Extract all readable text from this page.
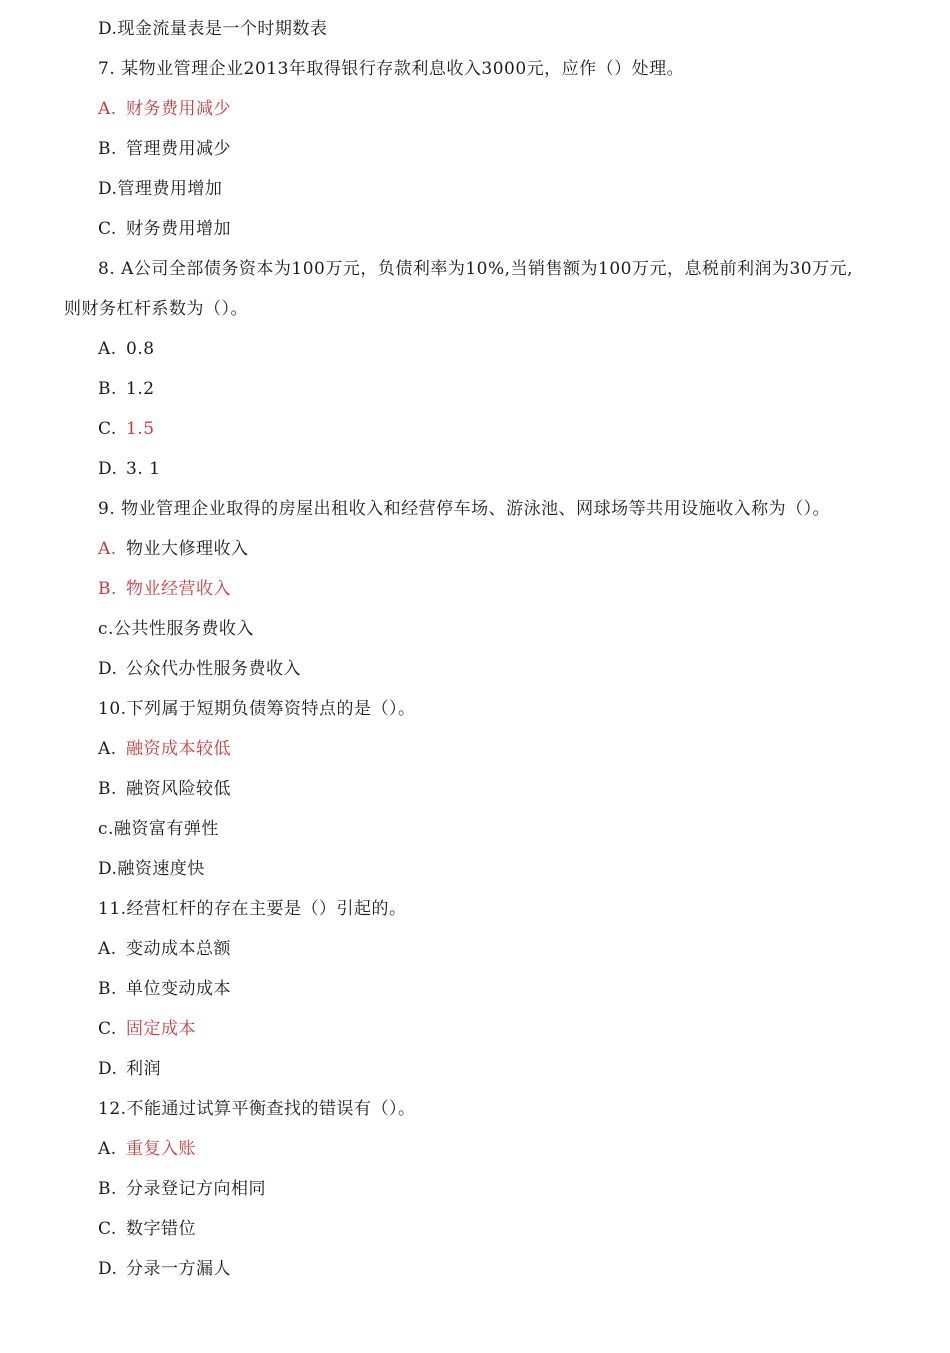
D.现金流量表是一个时期数表
7. 某物业管理企业2013年取得银行存款利息收入3000元，应作（）处理。
A. 财务费用减少
B. 管理费用减少
D.管理费用增加
C. 财务费用增加
8. A公司全部债务资本为100万元，负债利率为10%,当销售额为100万元，息税前利润为30万元,
则财务杠杆系数为（）。
A. 0.8
B. 1.2
C. 1.5
D. 3. 1
9. 物业管理企业取得的房屋出租收入和经营停车场、游泳池、网球场等共用设施收入称为（）。
A. 物业大修理收入
B. 物业经营收入
c.公共性服务费收入
D. 公众代办性服务费收入
10.下列属于短期负债筹资特点的是（）。
A. 融资成本较低
B. 融资风险较低
c.融资富有弹性
D.融资速度快
11.经营杠杆的存在主要是（）引起的。
A. 变动成本总额
B. 单位变动成本
C. 固定成本
D. 利润
12.不能通过试算平衡查找的错误有（）。
A. 重复入账
B. 分录登记方向相同
C. 数字错位
D. 分录一方漏人
